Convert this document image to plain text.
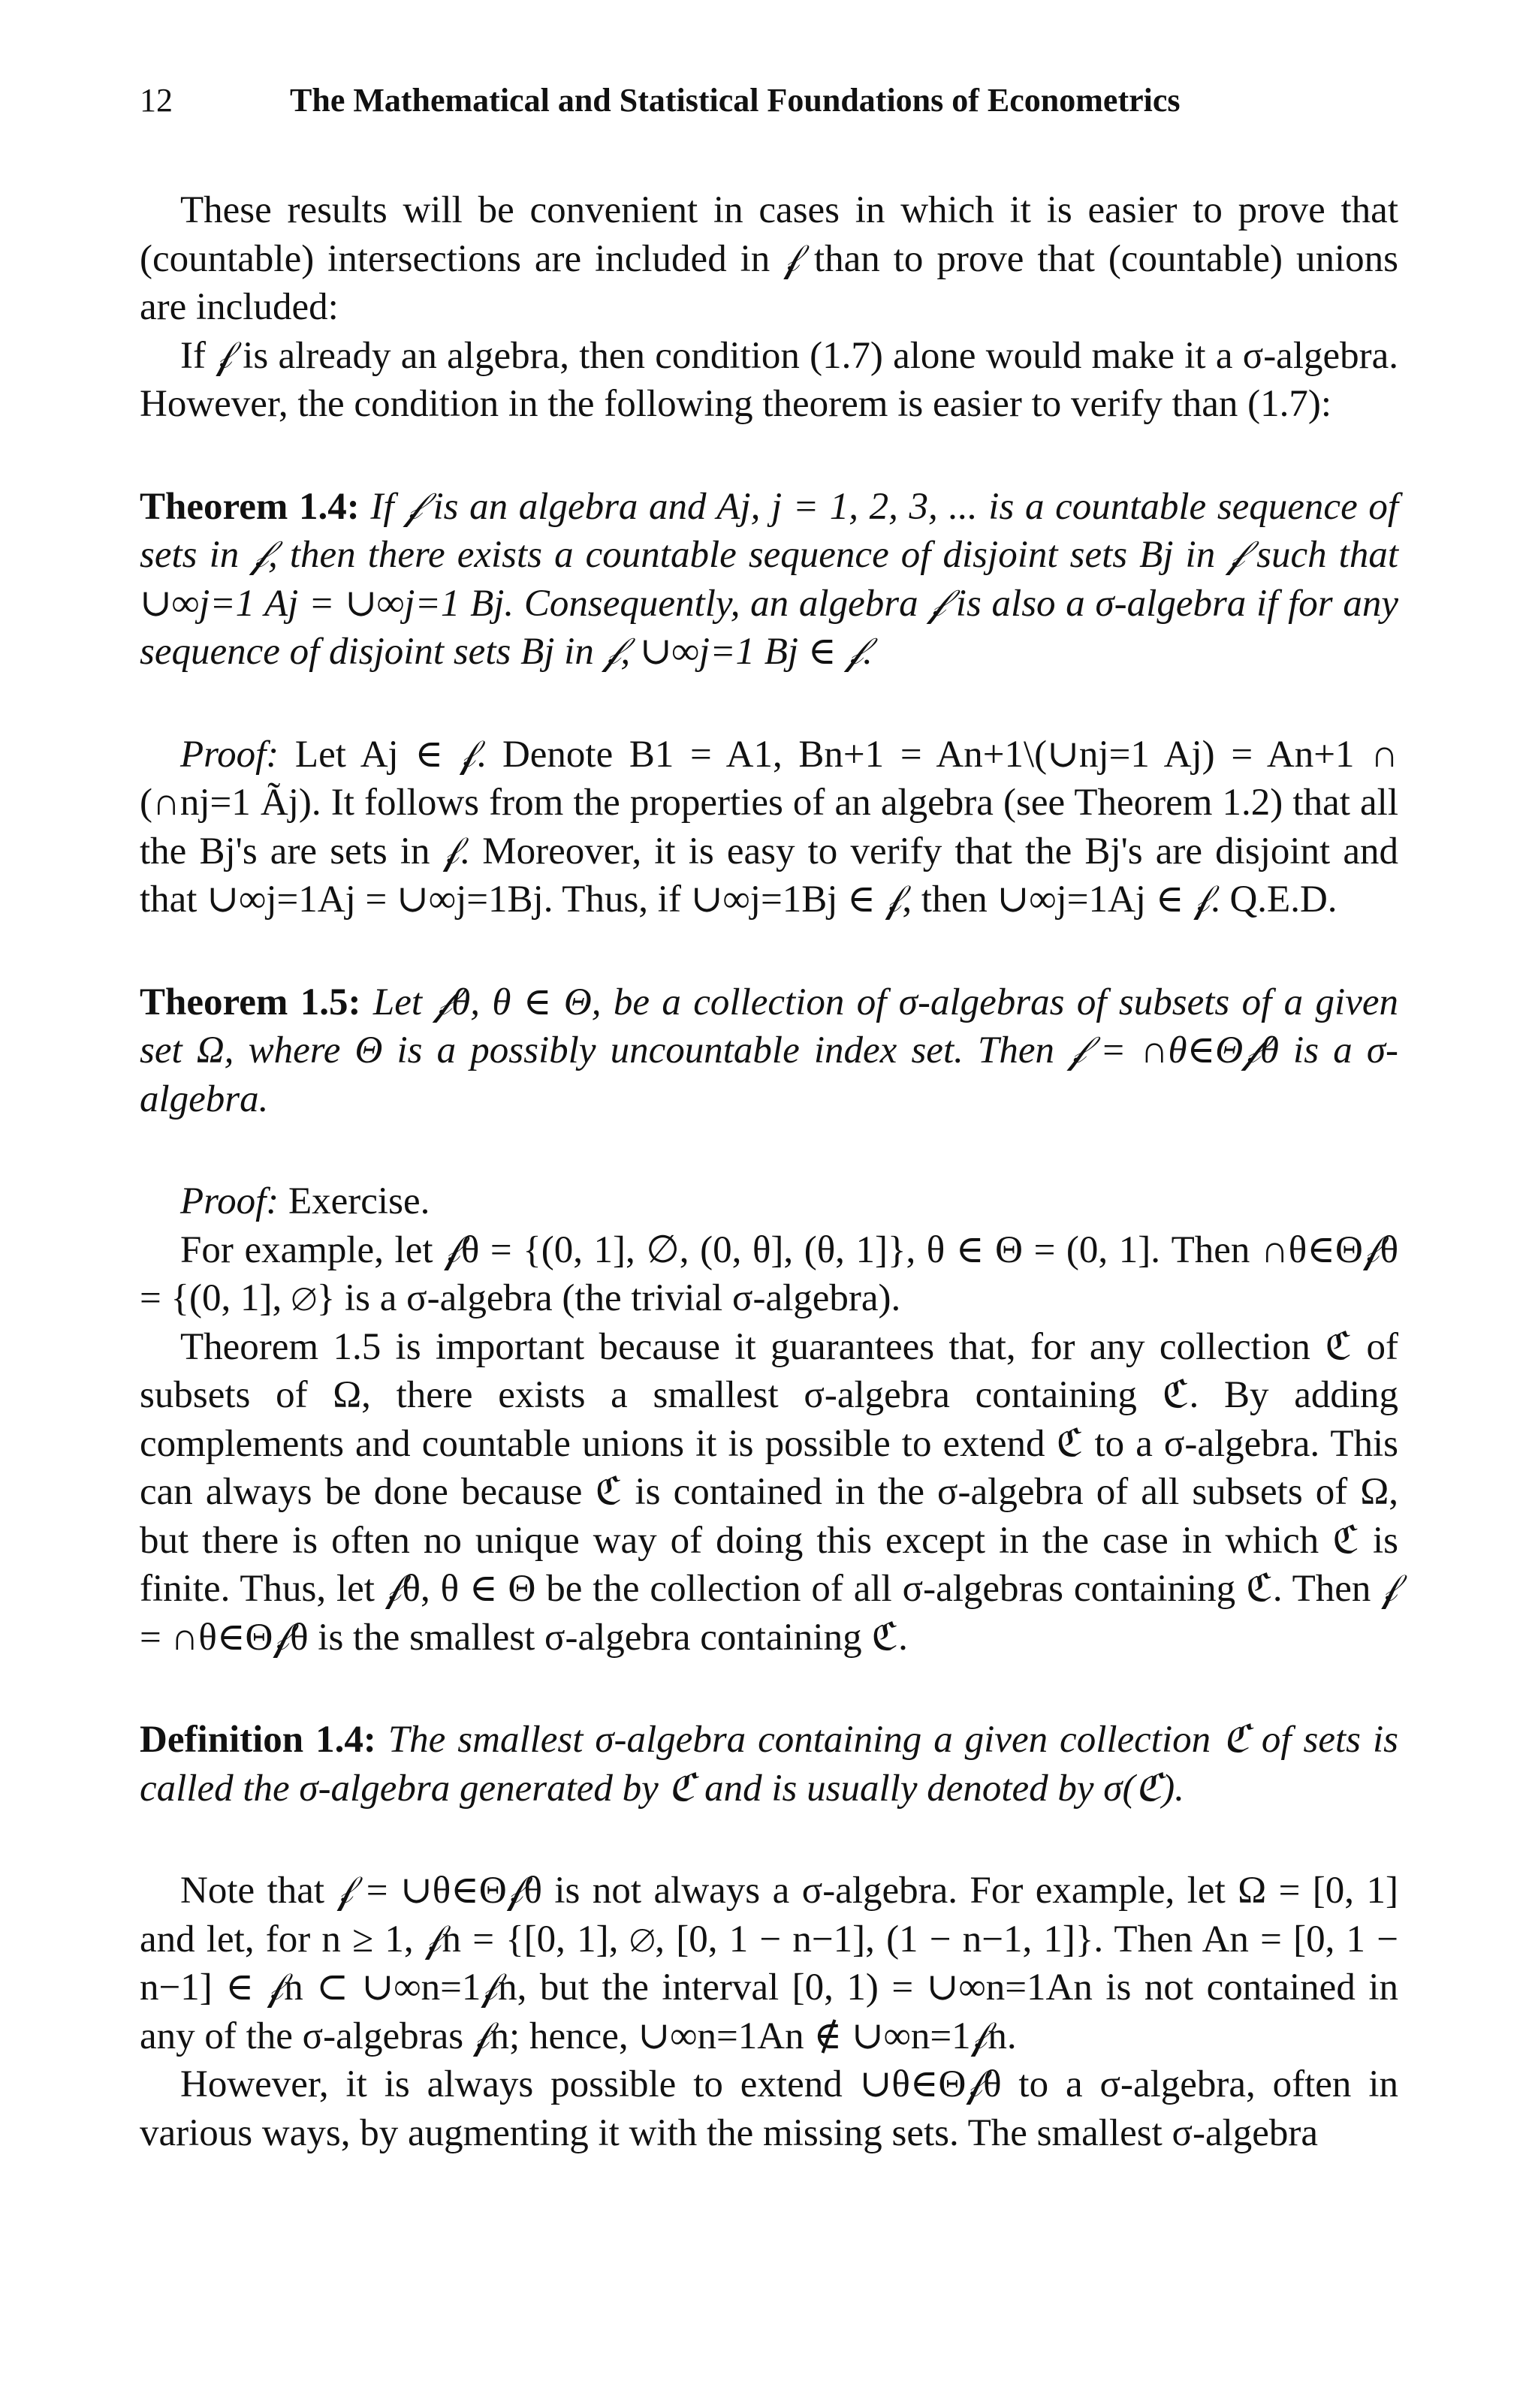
12	The Mathematical and Statistical Foundations of Econometrics

These results will be convenient in cases in which it is easier to prove that (countable) intersections are included in 𝒻 than to prove that (countable) unions are included:

If 𝒻 is already an algebra, then condition (1.7) alone would make it a σ-algebra. However, the condition in the following theorem is easier to verify than (1.7):

Theorem 1.4: If 𝒻 is an algebra and Aj, j = 1, 2, 3, ... is a countable sequence of sets in 𝒻, then there exists a countable sequence of disjoint sets Bj in 𝒻 such that ∪∞j=1 Aj = ∪∞j=1 Bj. Consequently, an algebra 𝒻 is also a σ-algebra if for any sequence of disjoint sets Bj in 𝒻, ∪∞j=1 Bj ∈ 𝒻.

Proof: Let Aj ∈ 𝒻. Denote B1 = A1, Bn+1 = An+1\(∪nj=1 Aj) = An+1 ∩ (∩nj=1 Ãj). It follows from the properties of an algebra (see Theorem 1.2) that all the Bj's are sets in 𝒻. Moreover, it is easy to verify that the Bj's are disjoint and that ∪∞j=1Aj = ∪∞j=1Bj. Thus, if ∪∞j=1Bj ∈ 𝒻, then ∪∞j=1Aj ∈ 𝒻. Q.E.D.

Theorem 1.5: Let 𝒻θ, θ ∈ Θ, be a collection of σ-algebras of subsets of a given set Ω, where Θ is a possibly uncountable index set. Then 𝒻 = ∩θ∈Θ𝒻θ is a σ-algebra.

Proof: Exercise.

For example, let 𝒻θ = {(0, 1], ∅, (0, θ], (θ, 1]}, θ ∈ Θ = (0, 1]. Then ∩θ∈Θ𝒻θ = {(0, 1], ∅} is a σ-algebra (the trivial σ-algebra).

Theorem 1.5 is important because it guarantees that, for any collection ℭ of subsets of Ω, there exists a smallest σ-algebra containing ℭ. By adding complements and countable unions it is possible to extend ℭ to a σ-algebra. This can always be done because ℭ is contained in the σ-algebra of all subsets of Ω, but there is often no unique way of doing this except in the case in which ℭ is finite. Thus, let 𝒻θ, θ ∈ Θ be the collection of all σ-algebras containing ℭ. Then 𝒻 = ∩θ∈Θ𝒻θ is the smallest σ-algebra containing ℭ.

Definition 1.4: The smallest σ-algebra containing a given collection ℭ of sets is called the σ-algebra generated by ℭ and is usually denoted by σ(ℭ).

Note that 𝒻 = ∪θ∈Θ𝒻θ is not always a σ-algebra. For example, let Ω = [0, 1] and let, for n ≥ 1, 𝒻n = {[0, 1], ∅, [0, 1 − n−1], (1 − n−1, 1]}. Then An = [0, 1 − n−1] ∈ 𝒻n ⊂ ∪∞n=1𝒻n, but the interval [0, 1) = ∪∞n=1An is not contained in any of the σ-algebras 𝒻n; hence, ∪∞n=1An ∉ ∪∞n=1𝒻n.

However, it is always possible to extend ∪θ∈Θ𝒻θ to a σ-algebra, often in various ways, by augmenting it with the missing sets. The smallest σ-algebra
